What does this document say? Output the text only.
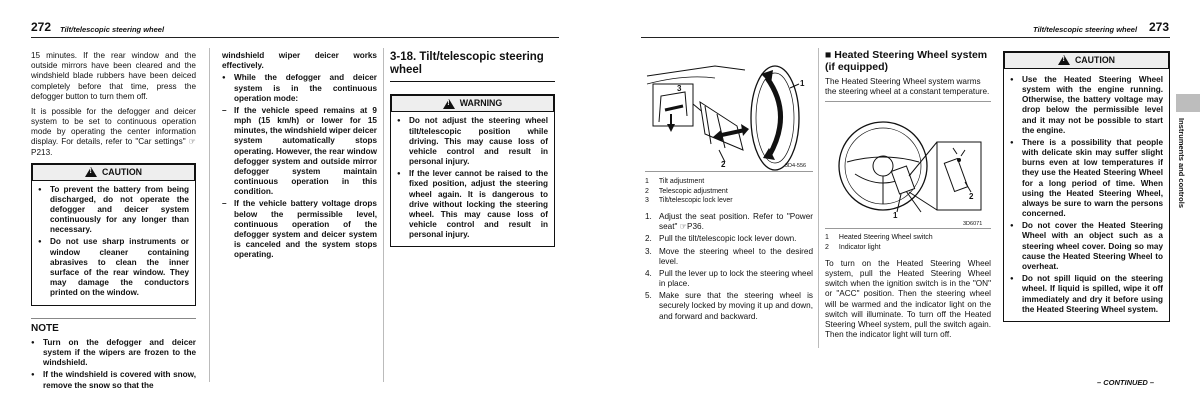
272 Tilt/telescopic steering wheel

15 minutes. If the rear window and the outside mirrors have been cleared and the windshield blade rubbers have been deiced completely before that time, press the defogger button to turn them off.

It is possible for the defogger and deicer system to be set to continuous operation mode by operating the center information display. For details, refer to "Car settings" ☞P213.

!
CAUTION
● To prevent the battery from being discharged, do not operate the defogger and deicer system continuously for any longer than necessary.
● Do not use sharp instruments or window cleaner containing abrasives to clean the inner surface of the rear window. They may damage the conductors printed on the window.
NOTE
● Turn on the defogger and deicer system if the wipers are frozen to the windshield.
● If the windshield is covered with snow, remove the snow so that the
windshield wiper deicer works effectively.
● While the defogger and deicer system is in the continuous operation mode:
– If the vehicle speed remains at 9 mph (15 km/h) or lower for 15 minutes, the windshield wiper deicer system automatically stops operating. However, the rear window defogger system and outside mirror defogger system maintain continuous operation in this condition.
– If the vehicle battery voltage drops below the permissible level, continuous operation of the defogger system and deicer system is canceled and the system stops operating.
3-18. Tilt/telescopic steering wheel
!
WARNING
● Do not adjust the steering wheel tilt/telescopic position while driving. This may cause loss of vehicle control and result in personal injury.
● If the lever cannot be raised to the fixed position, adjust the steering wheel again. It is dangerous to drive without locking the steering wheel. This may cause loss of vehicle control and result in personal injury.
Tilt/telescopic steering wheel 273
Instruments and controls
3
1
2	3D4-556
1 Tilt adjustment
2 Telescopic adjustment
3 Tilt/telescopic lock lever
1. Adjust the seat position. Refer to "Power seat" ☞P36.
2. Pull the tilt/telescopic lock lever down.
3. Move the steering wheel to the desired level.
4. Pull the lever up to lock the steering wheel in place.
5. Make sure that the steering wheel is securely locked by moving it up and down, and forward and backward.
■ Heated Steering Wheel system (if equipped)

The Heated Steering Wheel system warms the steering wheel at a constant temperature.

1
2
3D6071
1 Heated Steering Wheel switch
2 Indicator light

To turn on the Heated Steering Wheel system, pull the Heated Steering Wheel switch when the ignition switch is in the "ON" or "ACC" position. Then the steering wheel will be warmed and the indicator light on the switch will illuminate. To turn off the Heated Steering Wheel system, pull the switch again. Then the indicator light will turn off.

!
CAUTION
● Use the Heated Steering Wheel system with the engine running. Otherwise, the battery voltage may drop below the permissible level and it may not be possible to start the engine.
● There is a possibility that people with delicate skin may suffer slight burns even at low temperatures if they use the Heated Steering Wheel for a long period of time. When using the Heated Steering Wheel, always be sure to warn the persons concerned.
● Do not cover the Heated Steering Wheel with an object such as a steering wheel cover. Doing so may cause the Heated Steering Wheel to overheat.
● Do not spill liquid on the steering wheel. If liquid is spilled, wipe it off immediately and dry it before using the Heated Steering Wheel system.
– CONTINUED –
